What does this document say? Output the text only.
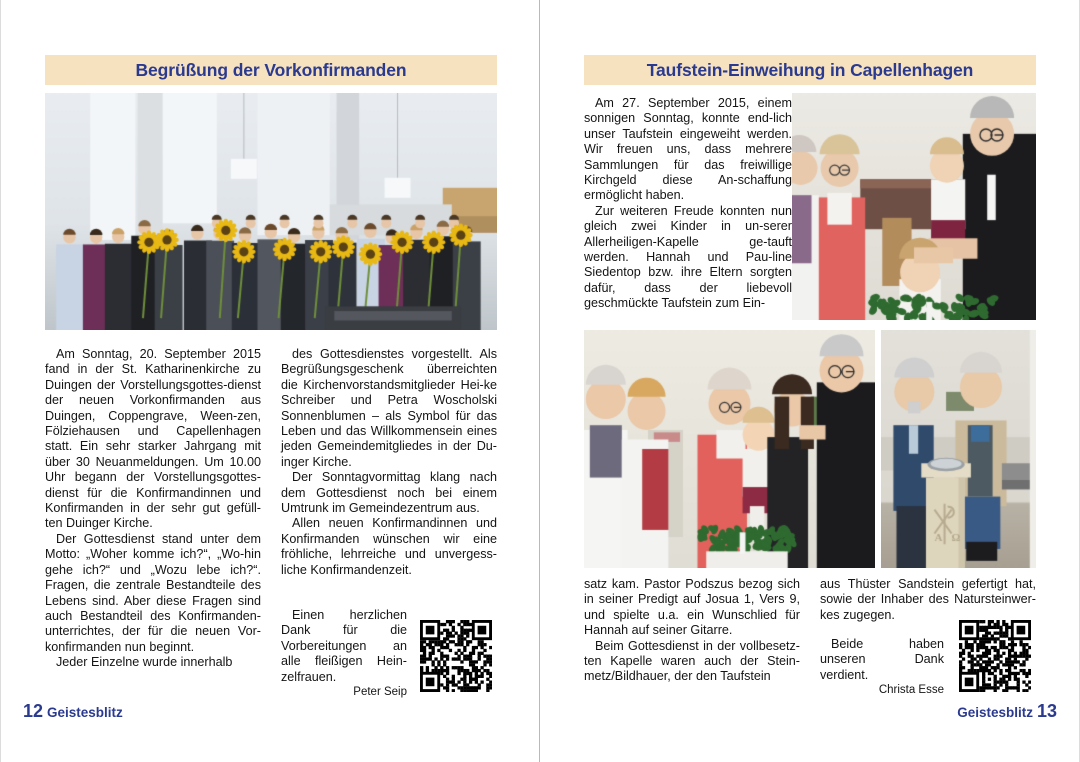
Begrüßung der Vorkonfirmanden

Am Sonntag, 20. September 2015 fand in der St. Katharinenkirche zu Duingen der Vorstellungsgottes-dienst der neuen Vorkonfirmanden aus Duingen, Coppengrave, Ween-zen, Fölziehausen und Capellenhagen statt. Ein sehr starker Jahrgang mit über 30 Neuanmeldungen. Um 10.00 Uhr begann der Vorstellungsgottes-dienst für die Konfirmandinnen und Konfirmanden in der sehr gut gefüll-ten Duinger Kirche.

Der Gottesdienst stand unter dem Motto: „Woher komme ich?“, „Wo-hin gehe ich?“ und „Wozu lebe ich?“. Fragen, die zentrale Bestandteile des Lebens sind. Aber diese Fragen sind auch Bestandteil des Konfirmanden-unterrichtes, der für die neuen Vor-konfirmanden nun beginnt.

Jeder Einzelne wurde innerhalb

des Gottesdienstes vorgestellt. Als Begrüßungsgeschenk überreichten die Kirchenvorstandsmitglieder Hei-ke Schreiber und Petra Woscholski Sonnenblumen – als Symbol für das Leben und das Willkommensein eines jeden Gemeindemitgliedes in der Du-inger Kirche.

Der Sonntagvormittag klang nach dem Gottesdienst noch bei einem Umtrunk im Gemeindezentrum aus.

Allen neuen Konfirmandinnen und Konfirmanden wünschen wir eine fröhliche, lehrreiche und unvergess-liche Konfirmandenzeit.

Einen herzlichen Dank für die Vorbereitungen an alle fleißigen Hein-zelfrauen.

Peter Seip

12 Geistesblitz
Taufstein-Einweihung in Capellenhagen

Am 27. September 2015, einem sonnigen Sonntag, konnte end-lich unser Taufstein eingeweiht werden. Wir freuen uns, dass mehrere Sammlungen für das freiwillige Kirchgeld diese An-schaffung ermöglicht haben.

Zur weiteren Freude konnten nun gleich zwei Kinder in un-serer Allerheiligen-Kapelle ge-tauft werden. Hannah und Pau-line Siedentop bzw. ihre Eltern sorgten dafür, dass der liebevoll geschmückte Taufstein zum Ein-

satz kam. Pastor Podszus bezog sich in seiner Predigt auf Josua 1, Vers 9, und spielte u.a. ein Wunschlied für Hannah auf seiner Gitarre.

Beim Gottesdienst in der vollbesetz-ten Kapelle waren auch der Stein-metz/Bildhauer, der den Taufstein

aus Thüster Sandstein gefertigt hat, sowie der Inhaber des Natursteinwer-kes zugegen.

Beide haben unseren Dank verdient.

Christa Esse

Geistesblitz 13
